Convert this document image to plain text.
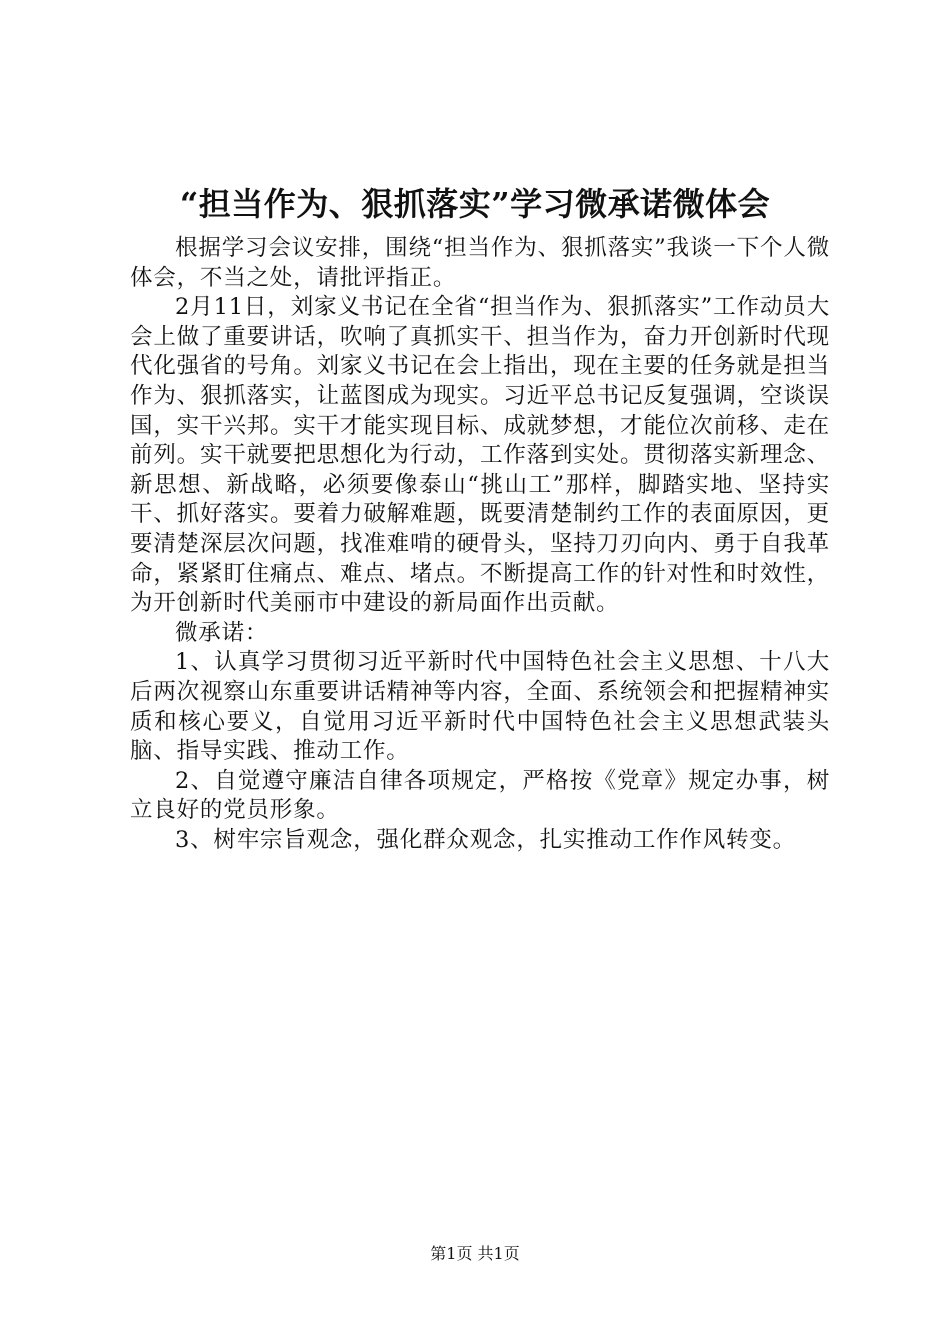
“担当作为、狠抓落实”学习微承诺微体会

根据学习会议安排，围绕“担当作为、狠抓落实”我谈一下个人微体会，不当之处，请批评指正。

2月11日，刘家义书记在全省“担当作为、狠抓落实”工作动员大会上做了重要讲话，吹响了真抓实干、担当作为，奋力开创新时代现代化强省的号角。刘家义书记在会上指出，现在主要的任务就是担当作为、狠抓落实，让蓝图成为现实。习近平总书记反复强调，空谈误国，实干兴邦。实干才能实现目标、成就梦想，才能位次前移、走在前列。实干就要把思想化为行动，工作落到实处。贯彻落实新理念、新思想、新战略，必须要像泰山“挑山工”那样，脚踏实地、坚持实干、抓好落实。要着力破解难题，既要清楚制约工作的表面原因，更要清楚深层次问题，找准难啃的硬骨头，坚持刀刃向内、勇于自我革命，紧紧盯住痛点、难点、堵点。不断提高工作的针对性和时效性，为开创新时代美丽市中建设的新局面作出贡献。

微承诺：

1、认真学习贯彻习近平新时代中国特色社会主义思想、十八大后两次视察山东重要讲话精神等内容，全面、系统领会和把握精神实质和核心要义，自觉用习近平新时代中国特色社会主义思想武装头脑、指导实践、推动工作。

2、自觉遵守廉洁自律各项规定，严格按《党章》规定办事，树立良好的党员形象。

3、树牢宗旨观念，强化群众观念，扎实推动工作作风转变。

第1页 共1页
